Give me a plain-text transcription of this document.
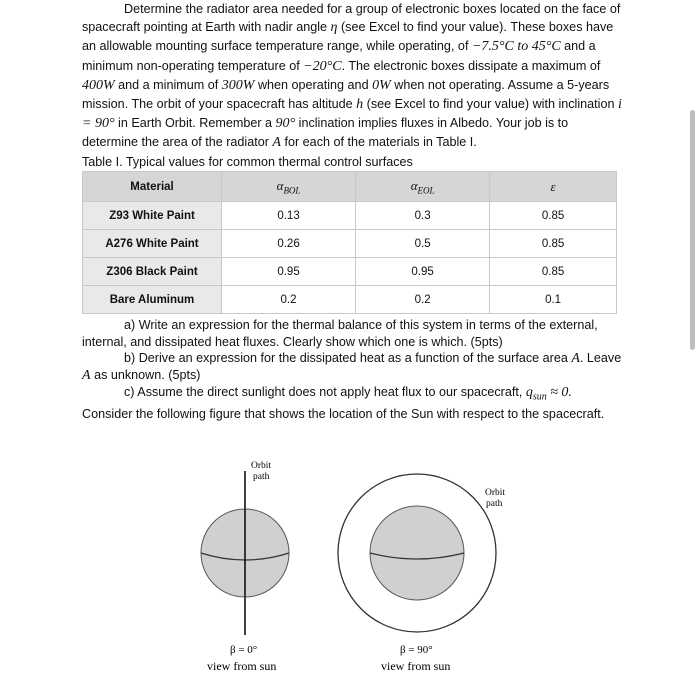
Determine the radiator area needed for a group of electronic boxes located on the face of spacecraft pointing at Earth with nadir angle η (see Excel to find your value). These boxes have an allowable mounting surface temperature range, while operating, of −7.5°C to 45°C and a minimum non-operating temperature of −20°C. The electronic boxes dissipate a maximum of 400W and a minimum of 300W when operating and 0W when not operating. Assume a 5-years mission. The orbit of your spacecraft has altitude h (see Excel to find your value) with inclination i = 90° in Earth Orbit. Remember a 90° inclination implies fluxes in Albedo. Your job is to determine the area of the radiator A for each of the materials in Table I.

Table I. Typical values for common thermal control surfaces
Material	$\alpha_{BOL}$	$\alpha_{EOL}$	ε
Z93 White Paint	0.13	0.3	0.85
A276 White Paint	0.26	0.5	0.85
Z306 Black Paint	0.95	0.95	0.85
Bare Aluminum	0.2	0.2	0.1

a) Write an expression for the thermal balance of this system in terms of the external, internal, and dissipated heat fluxes. Clearly show which one is which. (5pts)

b) Derive an expression for the dissipated heat as a function of the surface area A. Leave A as unknown. (5pts)

c) Assume the direct sunlight does not apply heat flux to our spacecraft, $q_{sun} \approx 0$. Consider the following figure that shows the location of the Sun with respect to the spacecraft.

Orbit
path
β = 0°
view from sun
Orbit
path
β = 90°
view from sun
